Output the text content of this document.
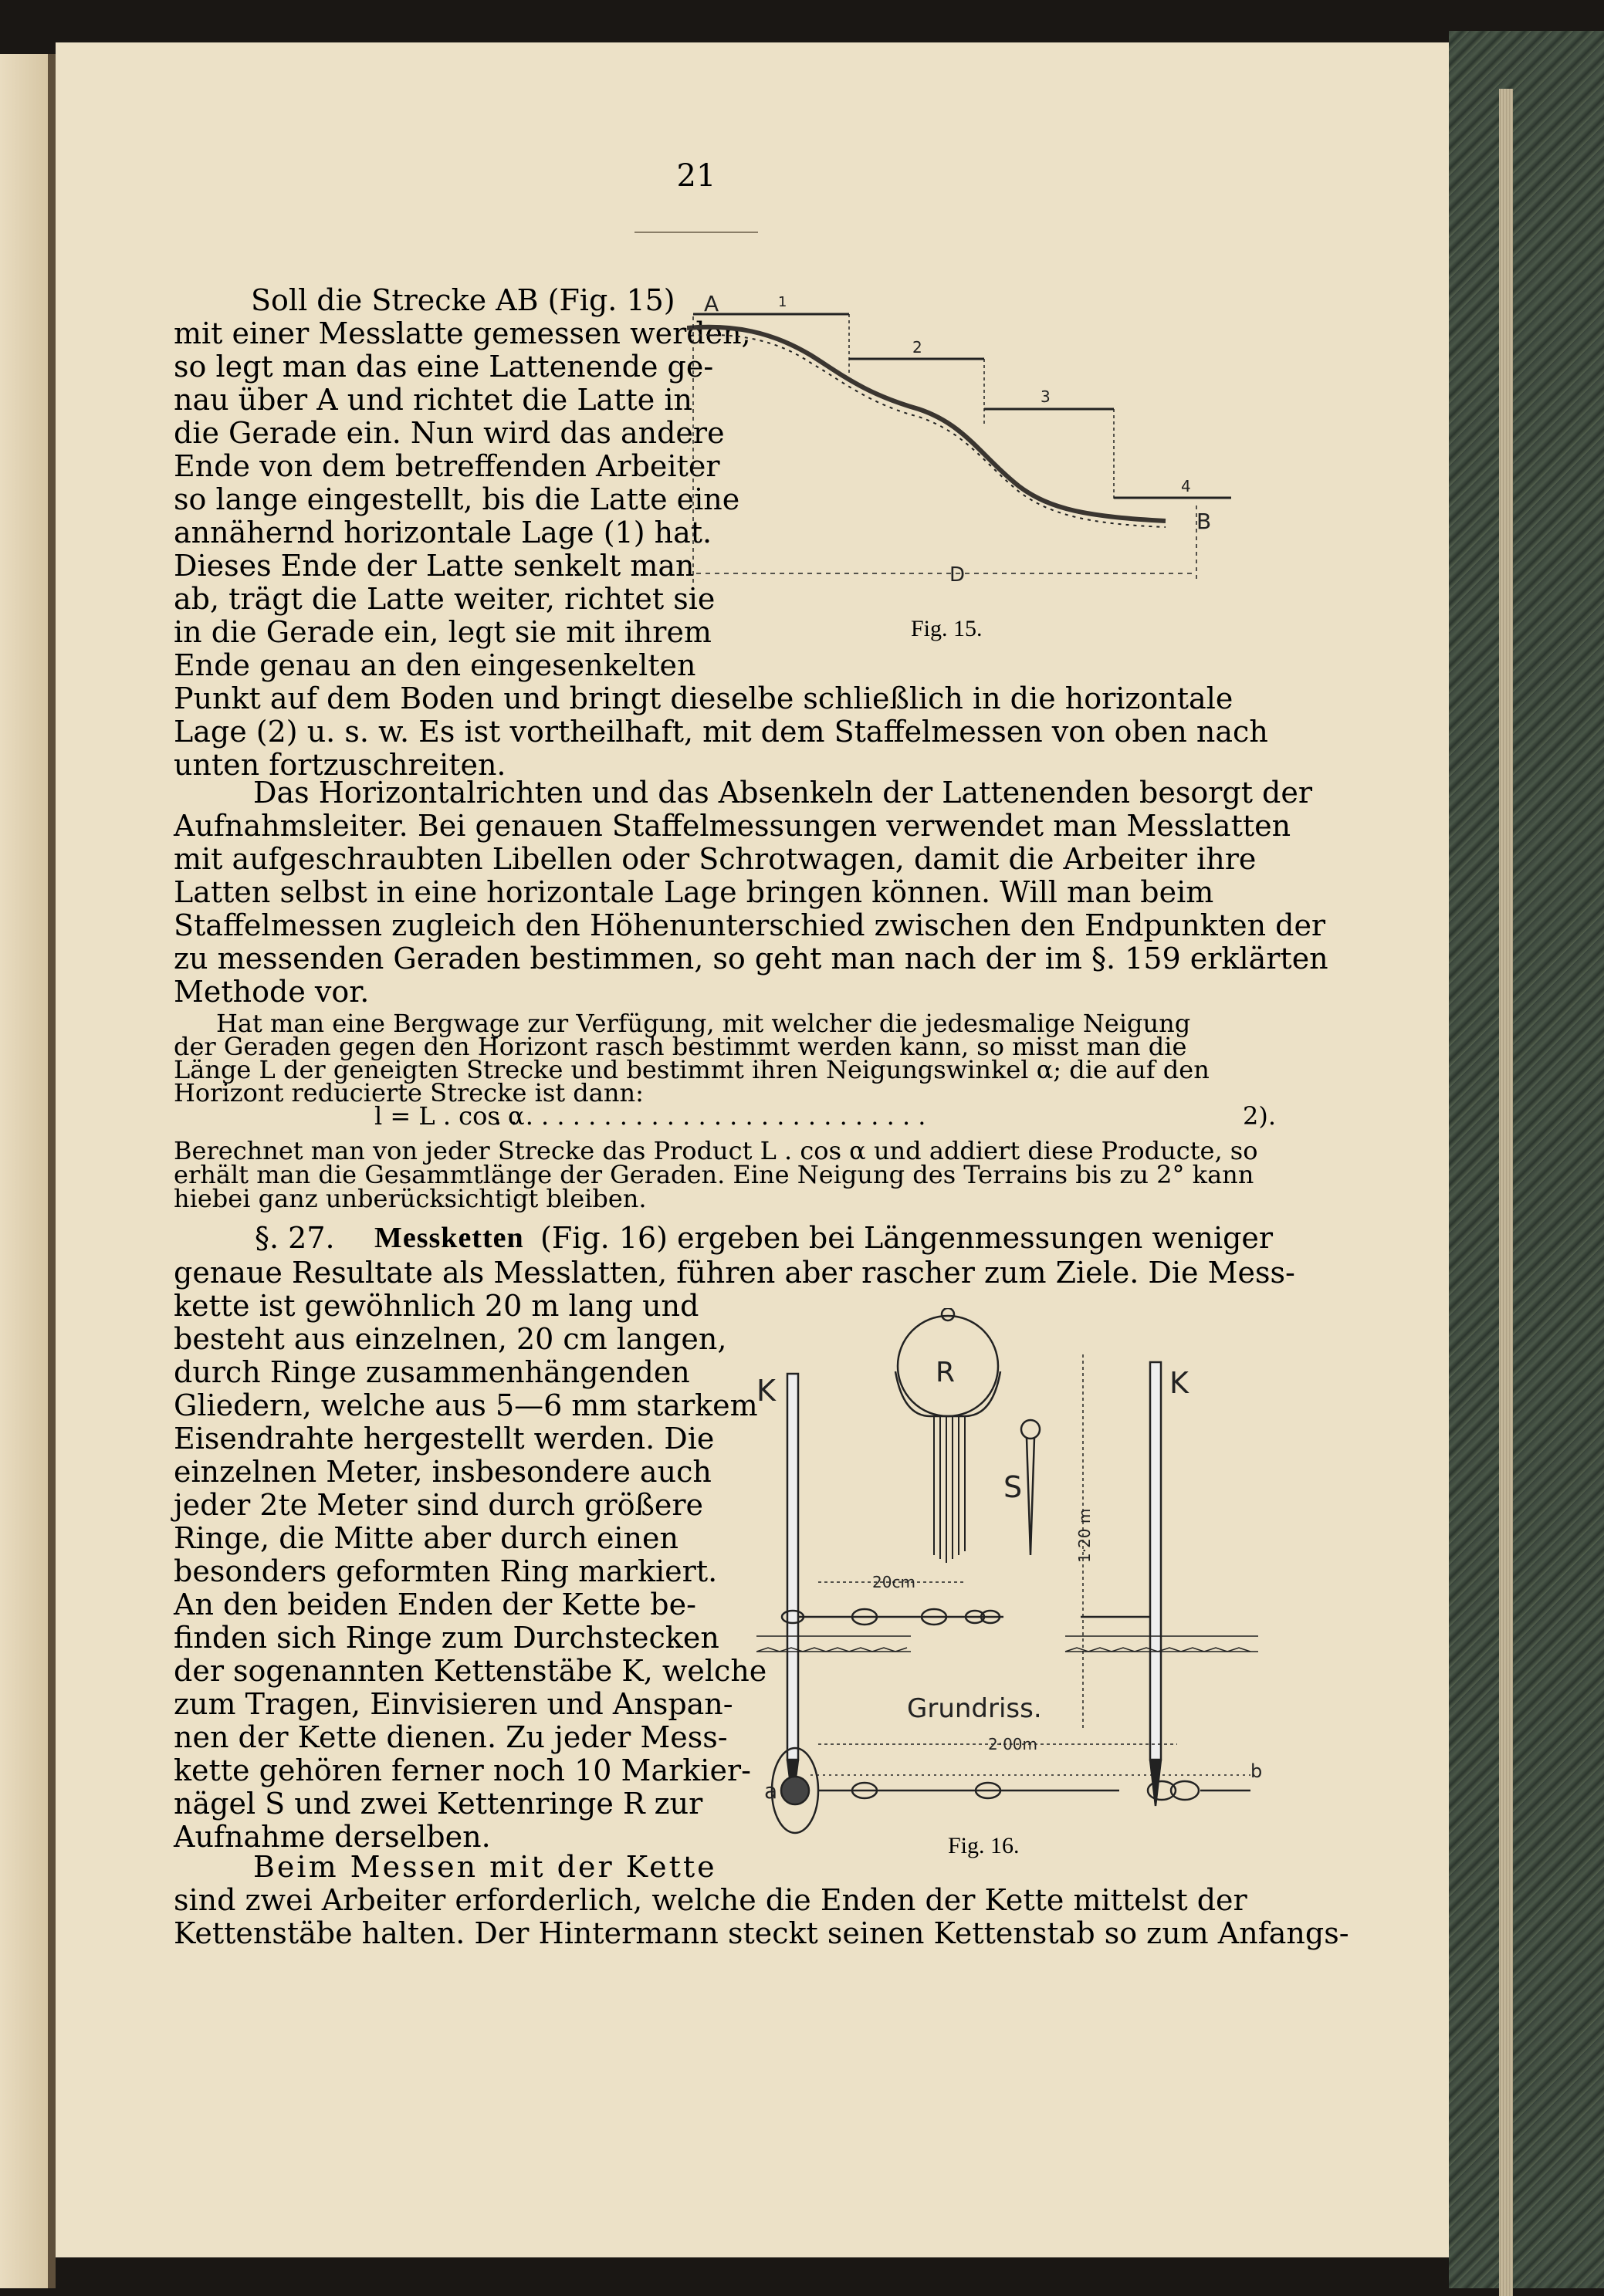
21
Soll die Strecke AB (Fig. 15)
mit einer Messlatte gemessen werden,
so legt man das eine Lattenende ge-
nau über A und richtet die Latte in
die Gerade ein. Nun wird das andere
Ende von dem betreffenden Arbeiter
so lange eingestellt, bis die Latte eine
annähernd horizontale Lage (1) hat.
Dieses Ende der Latte senkelt man
ab, trägt die Latte weiter, richtet sie
in die Gerade ein, legt sie mit ihrem
Ende genau an den eingesenkelten
Punkt auf dem Boden und bringt dieselbe schließlich in die horizontale
Lage (2) u. s. w. Es ist vortheilhaft, mit dem Staffelmessen von oben nach
unten fortzuschreiten.
Das Horizontalrichten und das Absenkeln der Lattenenden besorgt der
Aufnahmsleiter. Bei genauen Staffelmessungen verwendet man Messlatten
mit aufgeschraubten Libellen oder Schrotwagen, damit die Arbeiter ihre
Latten selbst in eine horizontale Lage bringen können. Will man beim
Staffelmessen zugleich den Höhenunterschied zwischen den Endpunkten der
zu messenden Geraden bestimmen, so geht man nach der im §. 159 erklärten
Methode vor.
Hat man eine Bergwage zur Verfügung, mit welcher die jedesmalige Neigung
der Geraden gegen den Horizont rasch bestimmt werden kann, so misst man die
Länge L der geneigten Strecke und bestimmt ihren Neigungswinkel α; die auf den
Horizont reducierte Strecke ist dann:
l = L . cos α
. . . . . . . . . . . . . . . . . . . . . . . . . . . .	2).
Berechnet man von jeder Strecke das Product L . cos α und addiert diese Producte, so
erhält man die Gesammtlänge der Geraden. Eine Neigung des Terrains bis zu 2° kann
hiebei ganz unberücksichtigt bleiben.
§. 27. Messketten (Fig. 16) ergeben bei Längenmessungen weniger
genaue Resultate als Messlatten, führen aber rascher zum Ziele. Die Mess-
kette ist gewöhnlich 20 m lang und
besteht aus einzelnen, 20 cm langen,
durch Ringe zusammenhängenden
Gliedern, welche aus 5—6 mm starkem
Eisendrahte hergestellt werden. Die
einzelnen Meter, insbesondere auch
jeder 2te Meter sind durch größere
Ringe, die Mitte aber durch einen
besonders geformten Ring markiert.
An den beiden Enden der Kette be-
finden sich Ringe zum Durchstecken
der sogenannten Kettenstäbe K, welche
zum Tragen, Einvisieren und Anspan-
nen der Kette dienen. Zu jeder Mess-
kette gehören ferner noch 10 Markier-
nägel S und zwei Kettenringe R zur
Aufnahme derselben.
Beim Messen mit der Kette
sind zwei Arbeiter erforderlich, welche die Enden der Kette mittelst der
Kettenstäbe halten. Der Hintermann steckt seinen Kettenstab so zum Anfangs-
A	1
2
3
4
B
D
Fig. 15.
K	K
R
S
20cm
1·20 m
Grundriss.
2·00m
a
b
Fig. 16.
